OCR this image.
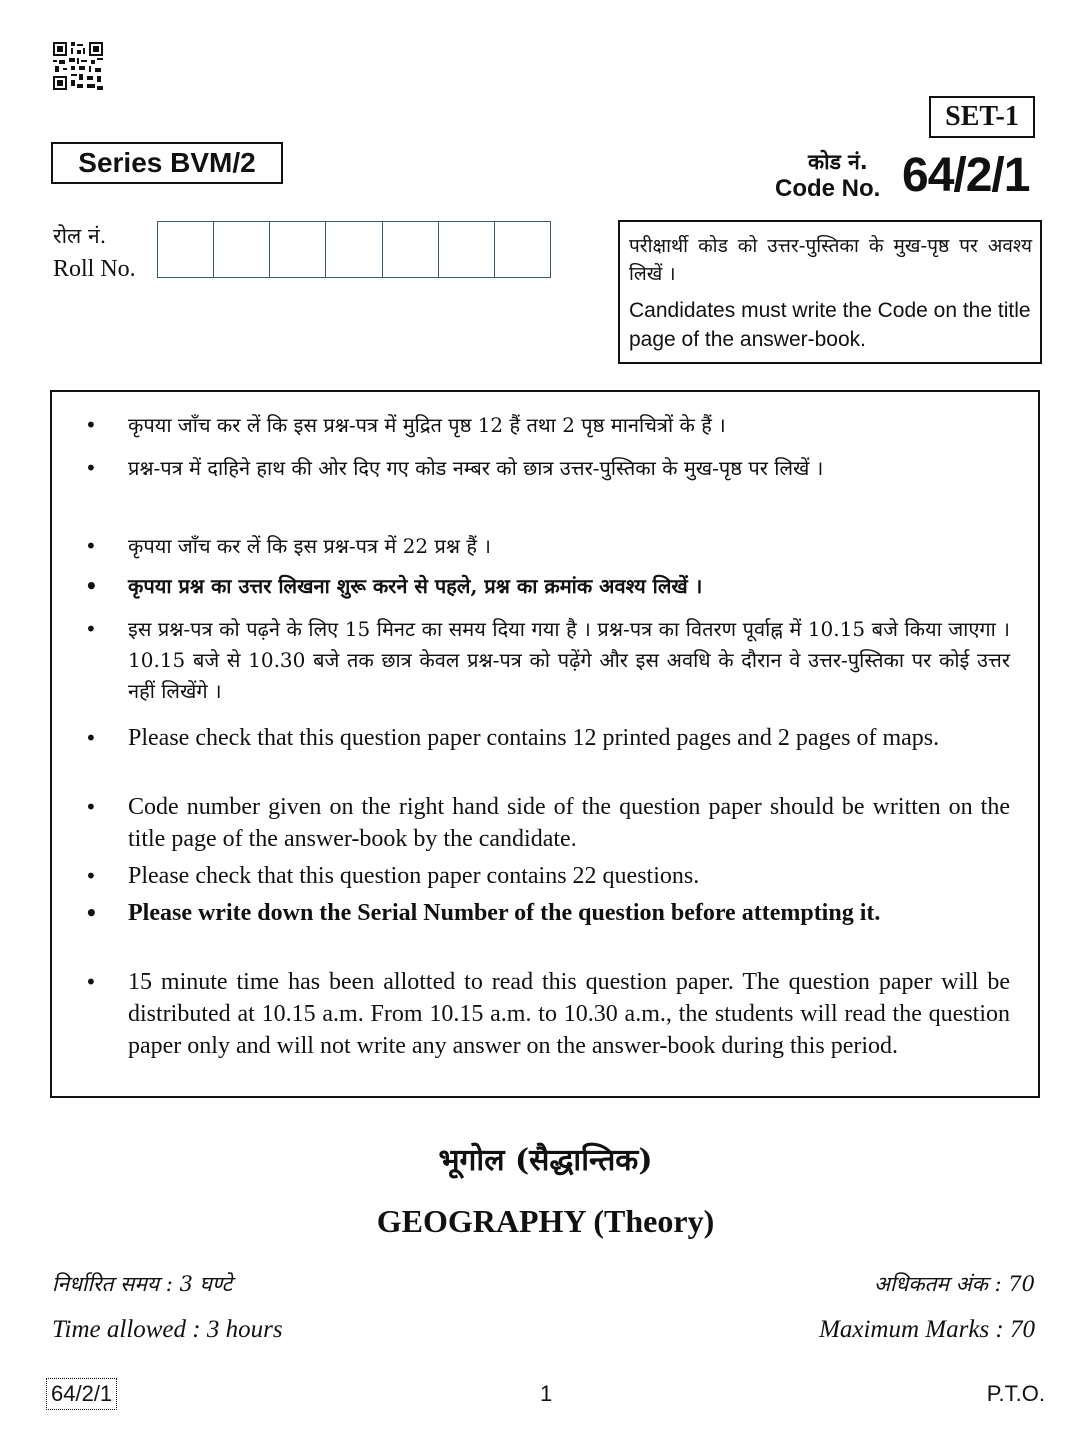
SET-1
Series BVM/2	कोड नं.
Code No. 64/2/1
रोल नं.
Roll No.
परीक्षार्थी कोड को उत्तर-पुस्तिका के मुख-पृष्ठ पर अवश्य लिखें ।
Candidates must write the Code on the title page of the answer-book.
• कृपया जाँच कर लें कि इस प्रश्न-पत्र में मुद्रित पृष्ठ 12 हैं तथा 2 पृष्ठ मानचित्रों के हैं ।
• प्रश्न-पत्र में दाहिने हाथ की ओर दिए गए कोड नम्बर को छात्र उत्तर-पुस्तिका के मुख-पृष्ठ पर लिखें ।
• कृपया जाँच कर लें कि इस प्रश्न-पत्र में 22 प्रश्न हैं ।
• कृपया प्रश्न का उत्तर लिखना शुरू करने से पहले, प्रश्न का क्रमांक अवश्य लिखें ।
• इस प्रश्न-पत्र को पढ़ने के लिए 15 मिनट का समय दिया गया है । प्रश्न-पत्र का वितरण पूर्वाह्न में 10.15 बजे किया जाएगा । 10.15 बजे से 10.30 बजे तक छात्र केवल प्रश्न-पत्र को पढ़ेंगे और इस अवधि के दौरान वे उत्तर-पुस्तिका पर कोई उत्तर नहीं लिखेंगे ।
• Please check that this question paper contains 12 printed pages and 2 pages of maps.
• Code number given on the right hand side of the question paper should be written on the title page of the answer-book by the candidate.
• Please check that this question paper contains 22 questions.
• Please write down the Serial Number of the question before attempting it.
• 15 minute time has been allotted to read this question paper. The question paper will be distributed at 10.15 a.m. From 10.15 a.m. to 10.30 a.m., the students will read the question paper only and will not write any answer on the answer-book during this period.
भूगोल (सैद्धान्तिक)
GEOGRAPHY (Theory)
निर्धारित समय : 3 घण्टे
Time allowed : 3 hours
अधिकतम अंक : 70
Maximum Marks : 70
64/2/1	1	P.T.O.
